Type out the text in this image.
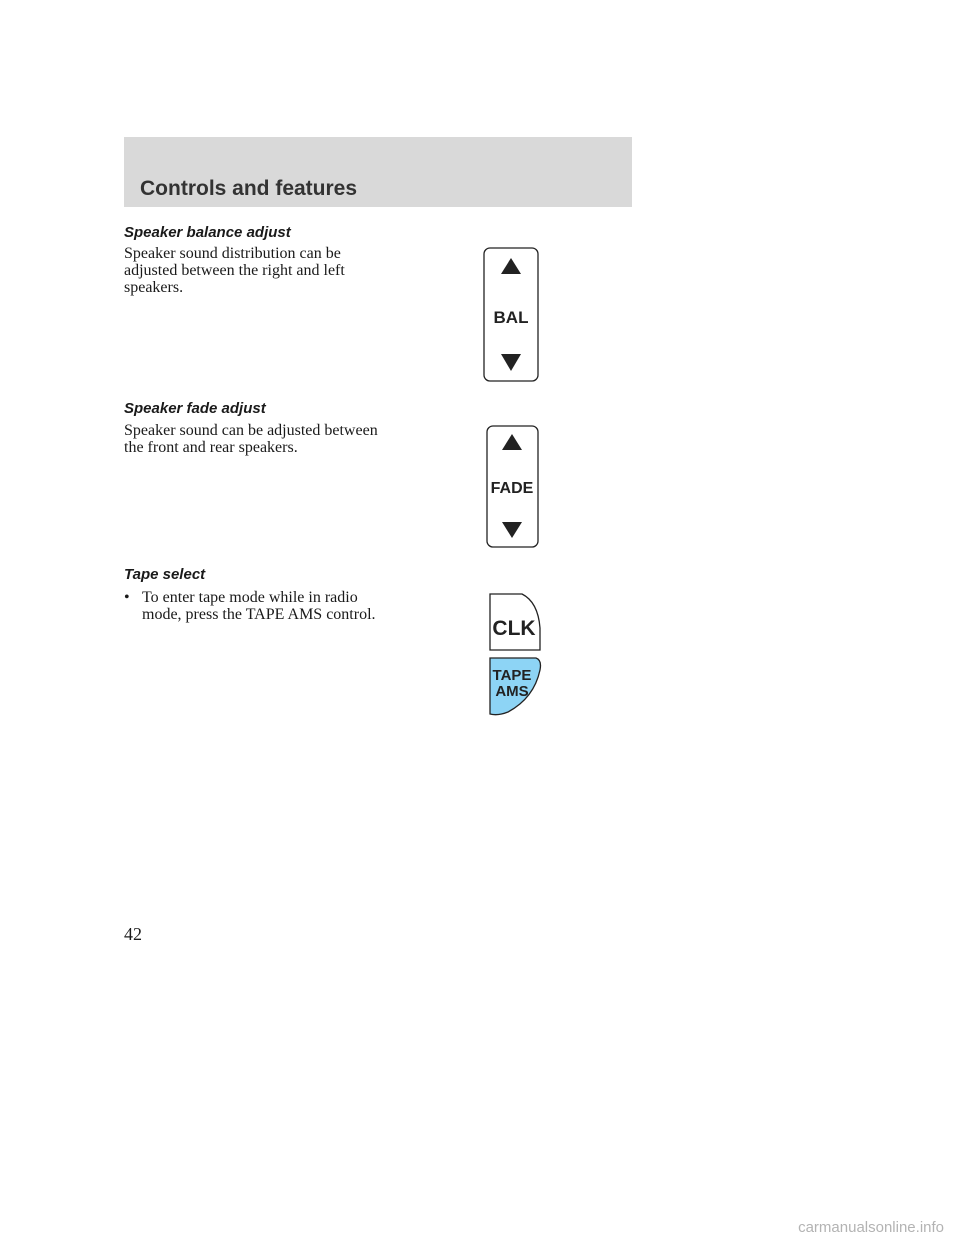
Controls and features
Speaker balance adjust
Speaker sound distribution can be adjusted between the right and left speakers.
BAL
Speaker fade adjust
Speaker sound can be adjusted between the front and rear speakers.
FADE
Tape select
• To enter tape mode while in radio mode, press the TAPE AMS control.
CLK
TAPE
AMS
42
carmanualsonline.info
